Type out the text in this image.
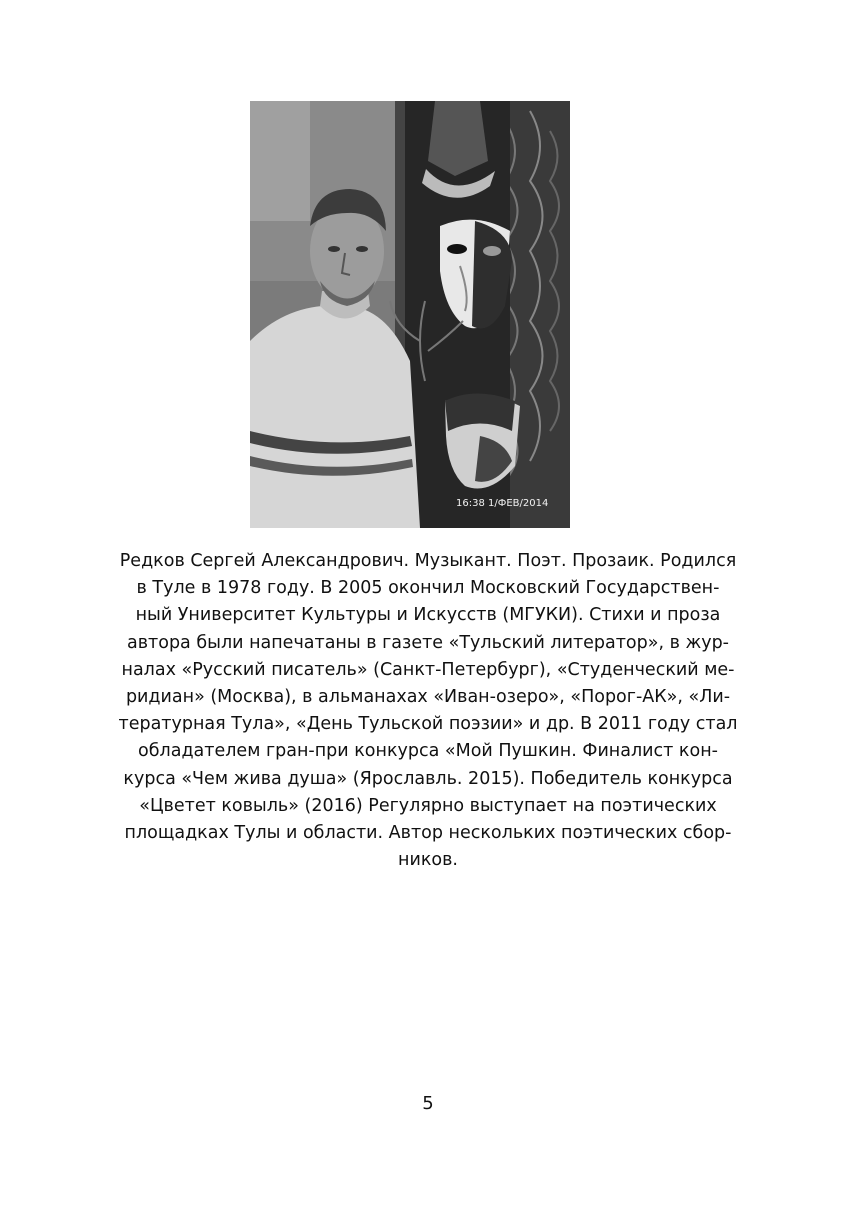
16:38 1/ФЕВ/2014

Редков Сергей Александрович. Музыкант. Поэт. Прозаик. Родился
в Туле в 1978 году. В 2005 окончил Московский Государствен-
ный Университет Культуры и Искусств (МГУКИ). Стихи и проза
автора были напечатаны в газете «Тульский литератор», в жур-
налах «Русский писатель» (Санкт-Петербург), «Студенческий ме-
ридиан» (Москва), в альманахах «Иван-озеро», «Порог-АК», «Ли-
тературная Тула», «День Тульской поэзии» и др. В 2011 году стал
обладателем гран-при конкурса «Мой Пушкин. Финалист кон-
курса «Чем жива душа» (Ярославль. 2015). Победитель конкурса
«Цветет ковыль» (2016) Регулярно выступает на поэтических
площадках Тулы и области. Автор нескольких поэтических сбор-
ников.

5
